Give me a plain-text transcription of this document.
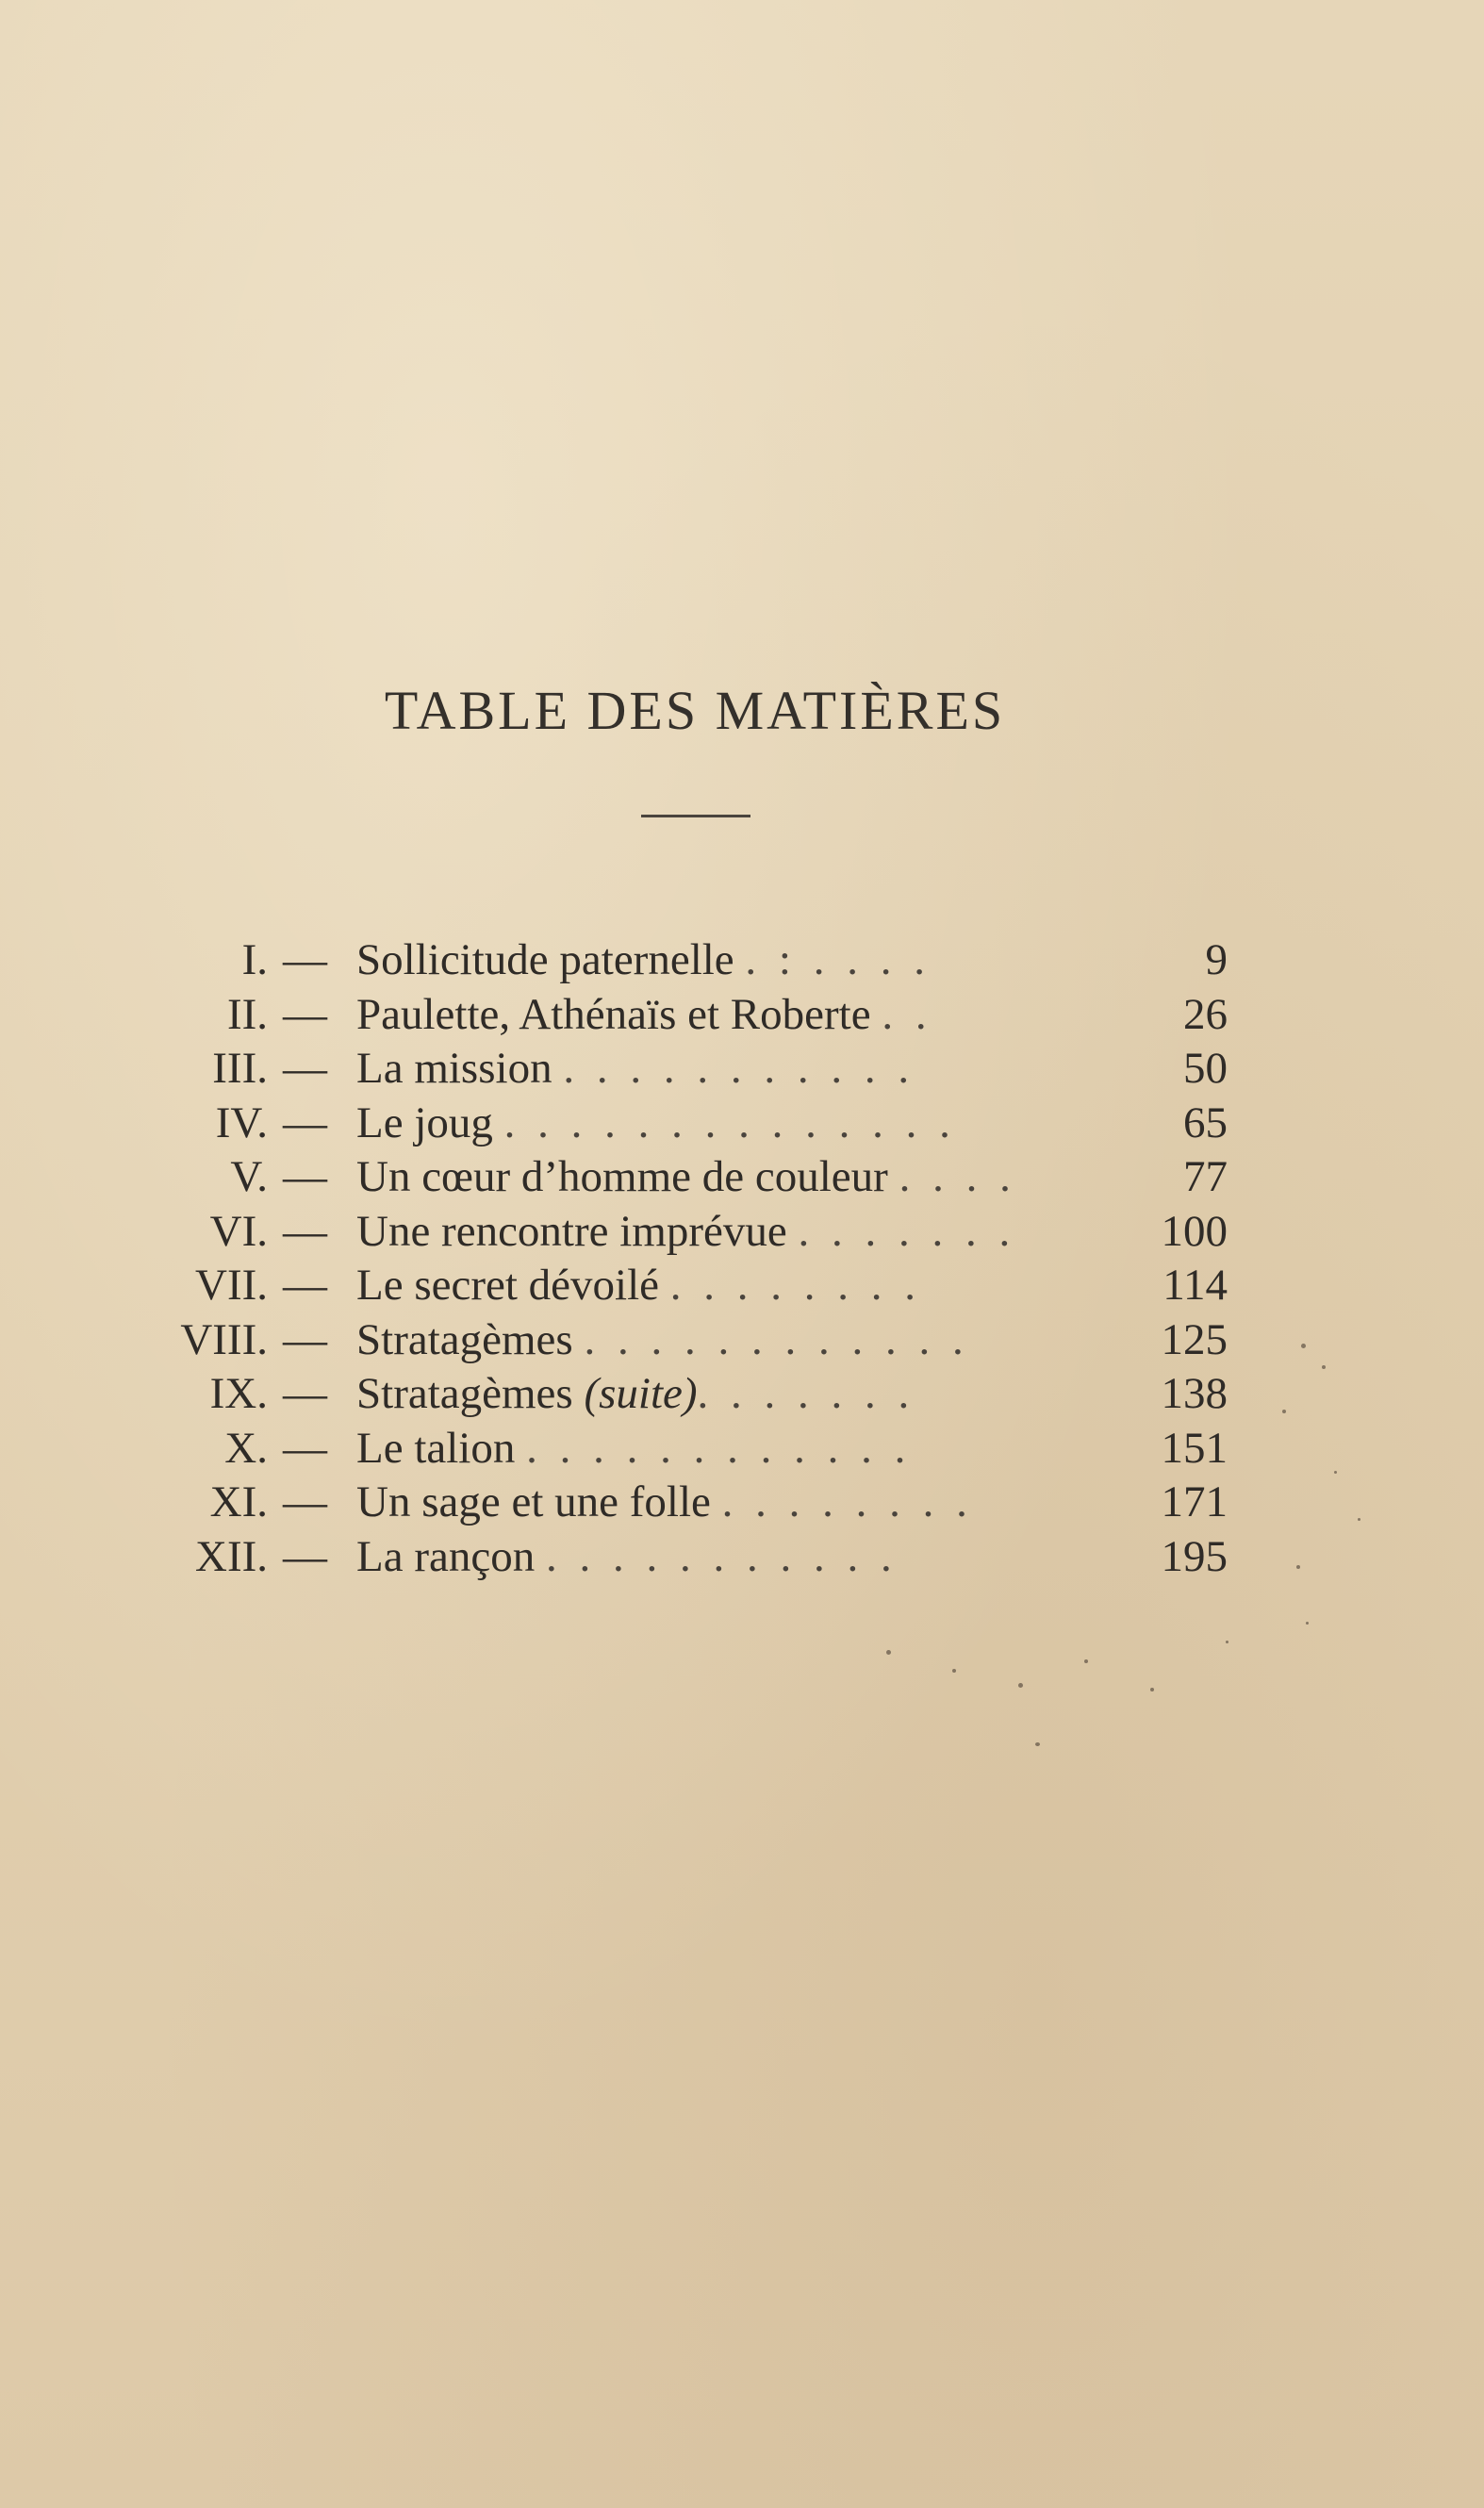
TABLE DES MATIÈRES
I. — Sollicitude paternelle . : . . . .	9
II. — Paulette, Athénaïs et Roberte . .	26
III. — La mission . . . . . . . . . . .	50
IV. — Le joug . . . . . . . . . . . . . .	65
V. — Un cœur d’homme de couleur . . . .	77
VI. — Une rencontre imprévue . . . . . . .	100
VII. — Le secret dévoilé . . . . . . . .	114
VIII. — Stratagèmes . . . . . . . . . . . .	125
IX. — Stratagèmes (suite). . . . . . .	138
X. — Le talion . . . . . . . . . . . .	151
XI. — Un sage et une folle . . . . . . . .	171
XII. — La rançon . . . . . . . . . . .	195
